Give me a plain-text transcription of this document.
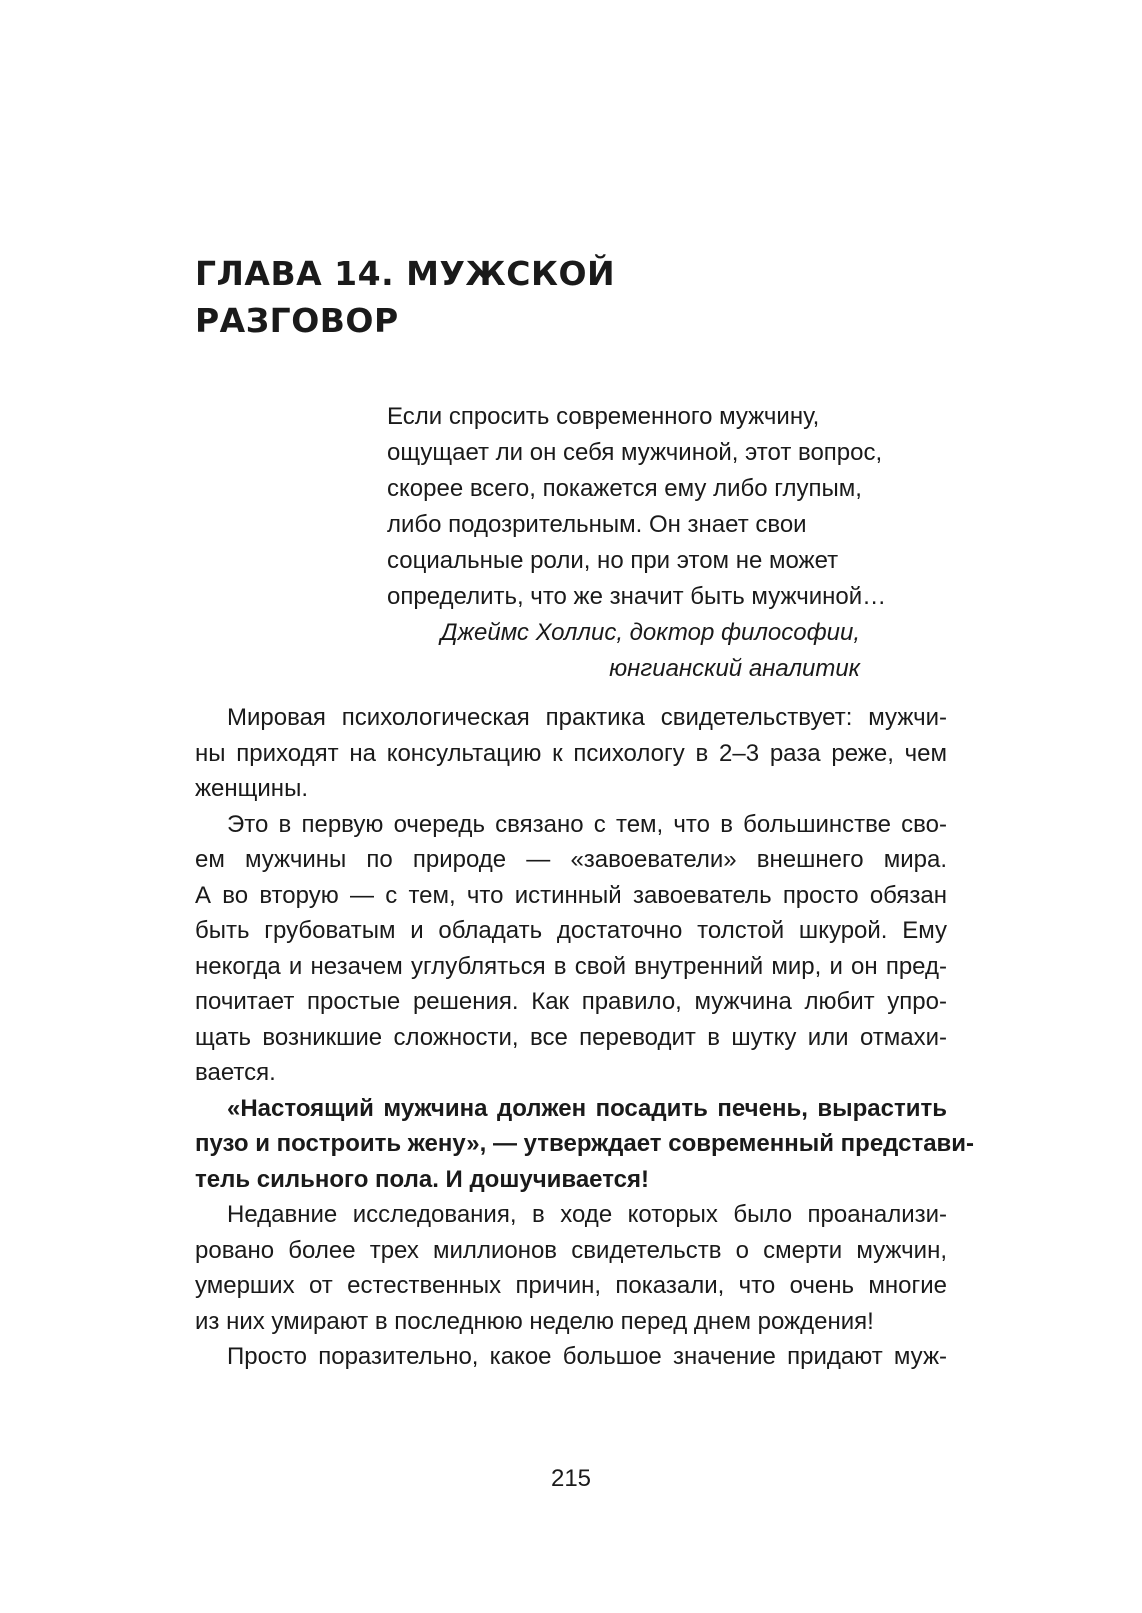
ГЛАВА 14. МУЖСКОЙ
РАЗГОВОР
Если спросить современного мужчину,
ощущает ли он себя мужчиной, этот вопрос,
скорее всего, покажется ему либо глупым,
либо подозрительным. Он знает свои
социальные роли, но при этом не может
определить, что же значит быть мужчиной…
Джеймс Холлис, доктор философии,
юнгианский аналитик
Мировая психологическая практика свидетельствует: мужчи-
ны приходят на консультацию к психологу в 2–3 раза реже, чем
женщины.
Это в первую очередь связано с тем, что в большинстве сво-
ем мужчины по природе — «завоеватели» внешнего мира.
А во вторую — с тем, что истинный завоеватель просто обязан
быть грубоватым и обладать достаточно толстой шкурой. Ему
некогда и незачем углубляться в свой внутренний мир, и он пред-
почитает простые решения. Как правило, мужчина любит упро-
щать возникшие сложности, все переводит в шутку или отмахи-
вается.
«Настоящий мужчина должен посадить печень, вырастить
пузо и построить жену», — утверждает современный представи-
тель сильного пола. И дошучивается!
Недавние исследования, в ходе которых было проанализи-
ровано более трех миллионов свидетельств о смерти мужчин,
умерших от естественных причин, показали, что очень многие
из них умирают в последнюю неделю перед днем рождения!
Просто поразительно, какое большое значение придают муж-
215
